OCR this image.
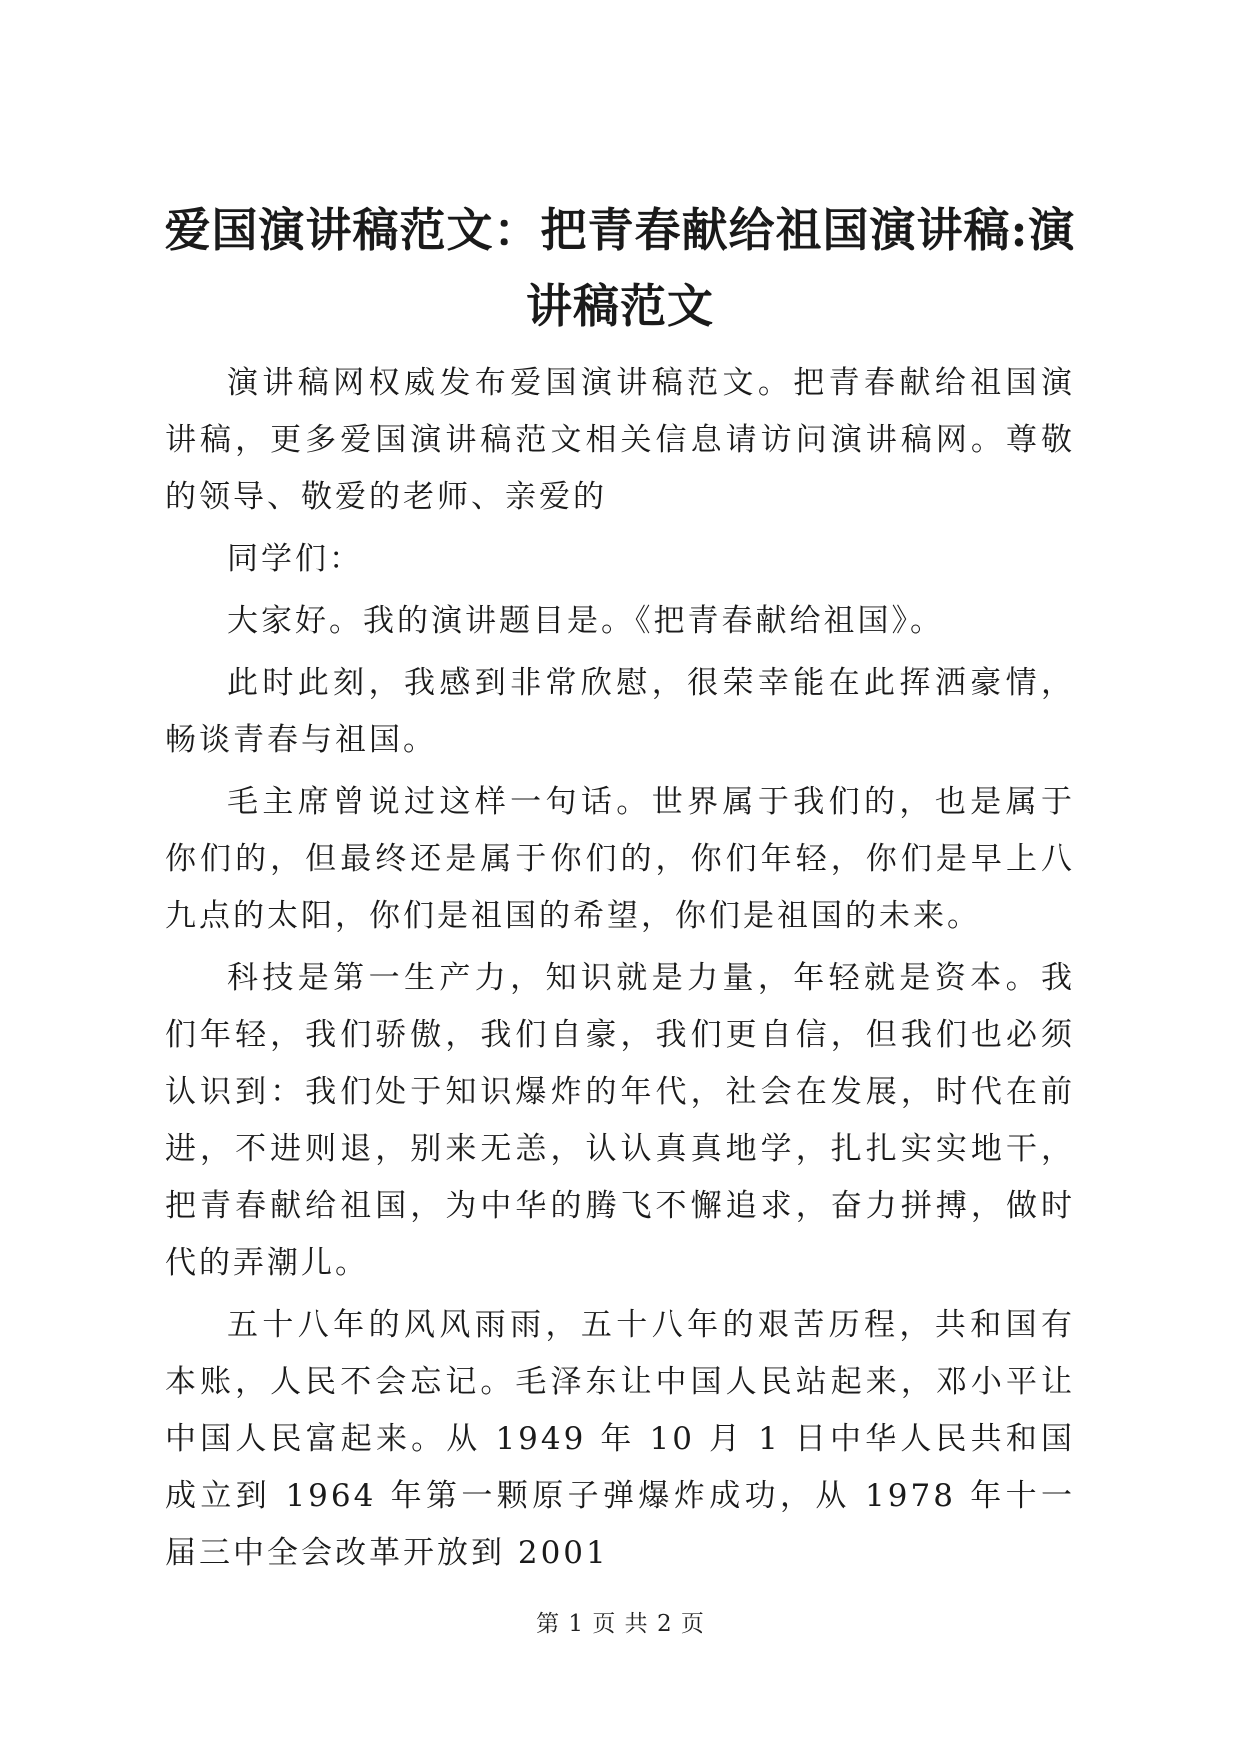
爱国演讲稿范文：把青春献给祖国演讲稿:演讲稿范文

演讲稿网权威发布爱国演讲稿范文。把青春献给祖国演讲稿，更多爱国演讲稿范文相关信息请访问演讲稿网。尊敬的领导、敬爱的老师、亲爱的

同学们：

大家好。我的演讲题目是。《把青春献给祖国》。

此时此刻，我感到非常欣慰，很荣幸能在此挥洒豪情，畅谈青春与祖国。

毛主席曾说过这样一句话。世界属于我们的，也是属于你们的，但最终还是属于你们的，你们年轻，你们是早上八九点的太阳，你们是祖国的希望，你们是祖国的未来。

科技是第一生产力，知识就是力量，年轻就是资本。我们年轻，我们骄傲，我们自豪，我们更自信，但我们也必须认识到：我们处于知识爆炸的年代，社会在发展，时代在前进，不进则退，别来无恙，认认真真地学，扎扎实实地干，把青春献给祖国，为中华的腾飞不懈追求，奋力拼搏，做时代的弄潮儿。

五十八年的风风雨雨，五十八年的艰苦历程，共和国有本账，人民不会忘记。毛泽东让中国人民站起来，邓小平让中国人民富起来。从 1949 年 10 月 1 日中华人民共和国成立到 1964 年第一颗原子弹爆炸成功，从 1978 年十一届三中全会改革开放到 2001

第 1 页 共 2 页
